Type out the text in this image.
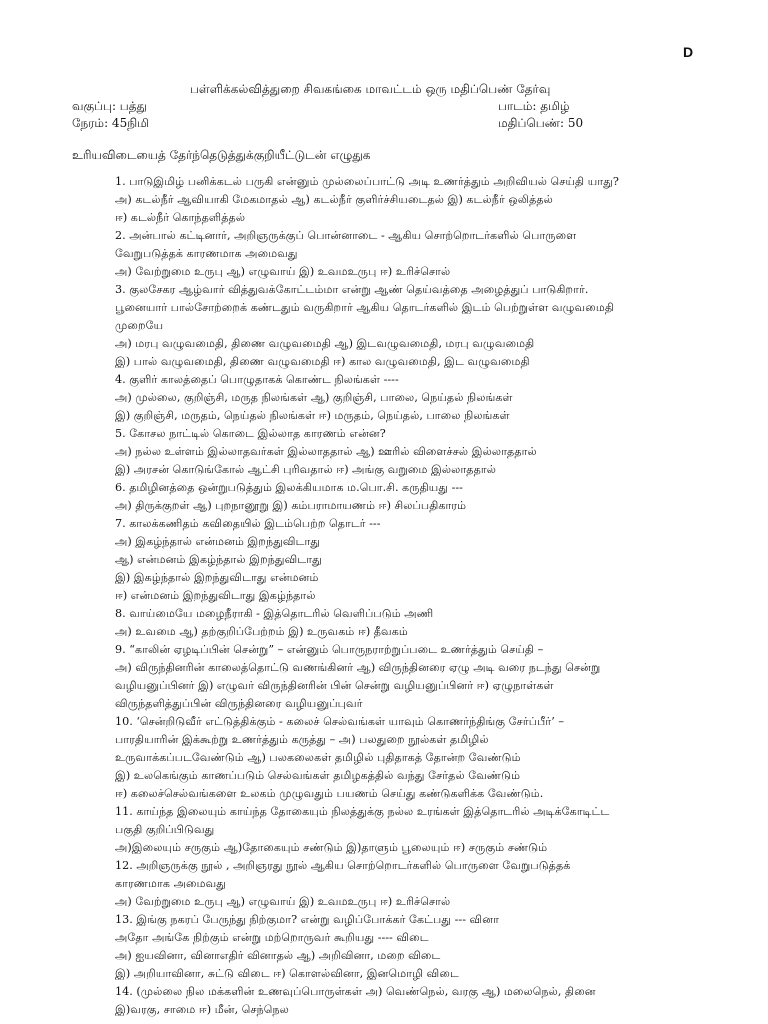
D
பள்ளிக்கல்வித்துறை சிவகங்கை மாவட்டம் ஒரு மதிப்பெண் தேர்வு
வகுப்பு: பத்து	பாடம்: தமிழ்
நேரம்: 45நிமி	மதிப்பெண்: 50
உரியவிடையைத் தேர்ந்தெடுத்துக்குறியீட்டுடன் எழுதுக
1. பாடுஇமிழ் பனிக்கடல் பருகி என்னும் முல்லைப்பாட்டு அடி உணர்த்தும் அறிவியல் செய்தி யாது?
அ) கடல்நீர் ஆவியாகி மேகமாதல் ஆ) கடல்நீர் குளிர்ச்சியடைதல் இ) கடல்நீர் ஒலித்தல்
ஈ) கடல்நீர் கொந்தளித்தல்
2. அன்பால் கட்டினார், அறிஞருக்குப் பொன்னாடை - ஆகிய சொற்றொடர்களில் பொருளை
வேறுபடுத்தக் காரணமாக அமைவது
அ) வேற்றுமை உருபு ஆ) எழுவாய் இ) உவமஉருபு ஈ) உரிச்சொல்
3. குலசேகர ஆழ்வார் வித்துவக்கோட்டம்மா என்று ஆண் தெய்வத்தை அழைத்துப் பாடுகிறார்.
பூனையார் பால்சோற்றைக் கண்டதும் வருகிறார் ஆகிய தொடர்களில் இடம் பெற்றுள்ள வழுவமைதி
முறையே
அ) மரபு வழுவமைதி, திணை வழுவமைதி ஆ) இடவழுவமைதி, மரபு வழுவமைதி
இ) பால் வழுவமைதி, திணை வழுவமைதி ஈ) கால வழுவமைதி, இட வழுவமைதி
4. குளிர் காலத்தைப் பொழுதாகக் கொண்ட நிலங்கள் ----
அ) முல்லை, குறிஞ்சி, மருத நிலங்கள் ஆ) குறிஞ்சி, பாலை, நெய்தல் நிலங்கள்
இ) குறிஞ்சி, மருதம், நெய்தல் நிலங்கள் ஈ) மருதம், நெய்தல், பாலை நிலங்கள்
5. கோசல நாட்டில் கொடை இல்லாத காரணம் என்ன?
அ) நல்ல உள்ளம் இல்லாதவர்கள் இல்லாததால் ஆ) ஊரில் விளைச்சல் இல்லாததால்
இ) அரசன் கொடுங்கோல் ஆட்சி புரிவதால் ஈ) அங்கு வறுமை இல்லாததால்
6. தமிழினத்தை ஒன்றுபடுத்தும் இலக்கியமாக ம.பொ.சி. கருதியது ---
அ) திருக்குறள் ஆ) புறநானூறு இ) கம்பராமாயணம் ஈ) சிலப்பதிகாரம்
7. காலக்கணிதம் கவிதையில் இடம்பெற்ற தொடர் ---
அ) இகழ்ந்தால் என்மனம் இறந்துவிடாது
ஆ) என்மனம் இகழ்ந்தால் இறந்துவிடாது
இ) இகழ்ந்தால் இறந்துவிடாது என்மனம்
ஈ) என்மனம் இறந்துவிடாது இகழ்ந்தால்
8. வாய்மையே மழைநீராகி - இத்தொடரில் வெளிப்படும் அணி
அ) உவமை ஆ) தற்குறிப்பேற்றம் இ) உருவகம் ஈ) தீவகம்
9. “காலின் ஏழடிப்பின் சென்று” – என்னும் பொருநராற்றுப்படை உணர்த்தும் செய்தி –
அ) விருந்தினரின் காலைத்தொட்டு வணங்கினர் ஆ) விருந்தினரை ஏழு அடி வரை நடந்து சென்று
வழியனுப்பினர் இ) எழுவர் விருந்தினரின் பின் சென்று வழியனுப்பினர் ஈ) ஏழுநாள்கள்
விருந்தளித்துப்பின் விருந்தினரை வழியனுப்புவர்
10. ‘சென்றிடுவீர் எட்டுத்திக்கும் - கலைச் செல்வங்கள் யாவும் கொணர்ந்திங்கு சேர்ப்பீர்’ –
பாரதியாரின் இக்கூற்று உணர்த்தும் கருத்து – அ) பலதுறை நூல்கள் தமிழில்
உருவாக்கப்படவேண்டும் ஆ) பலகலைகள் தமிழில் புதிதாகத் தோன்ற வேண்டும்
இ) உலகெங்கும் காணப்படும் செல்வங்கள் தமிழகத்தில் வந்து சேர்தல் வேண்டும்
ஈ) கலைச்செல்வங்களை உலகம் முழுவதும் பயணம் செய்து கண்டுகளிக்க வேண்டும்.
11. காய்ந்த இலையும் காய்ந்த தோகையும் நிலத்துக்கு நல்ல உரங்கள் இத்தொடரில் அடிக்கோடிட்ட
பகுதி குறிப்பிடுவது
அ)இலையும் சருகும் ஆ)தோகையும் சண்டும் இ)தாளும் பூலையும் ஈ) சருகும் சண்டும்
12. அறிஞருக்கு நூல் , அறிஞரது நூல் ஆகிய சொற்றொடர்களில் பொருளை வேறுபடுத்தக்
காரணமாக அமைவது
அ) வேற்றுமை உருபு ஆ) எழுவாய் இ) உவமஉருபு ஈ) உரிச்சொல்
13. இங்கு நகரப் பேருந்து நிற்குமா? என்று வழிப்போக்கர் கேட்பது --- வினா
அதோ அங்கே நிற்கும் என்று மற்றொருவர் கூறியது ---- விடை
அ) ஐயவினா, வினாஎதிர் வினாதல் ஆ) அறிவினா, மறை விடை
இ) அறியாவினா, சுட்டு விடை ஈ) கொளல்வினா, இனமொழி விடை
14. (முல்லை நில மக்களின் உணவுப்பொருள்கள் அ) வெண்நெல், வரகு ஆ) மலைநெல், தினை
இ)வரகு, சாமை ஈ) மீன், செந்நெல
